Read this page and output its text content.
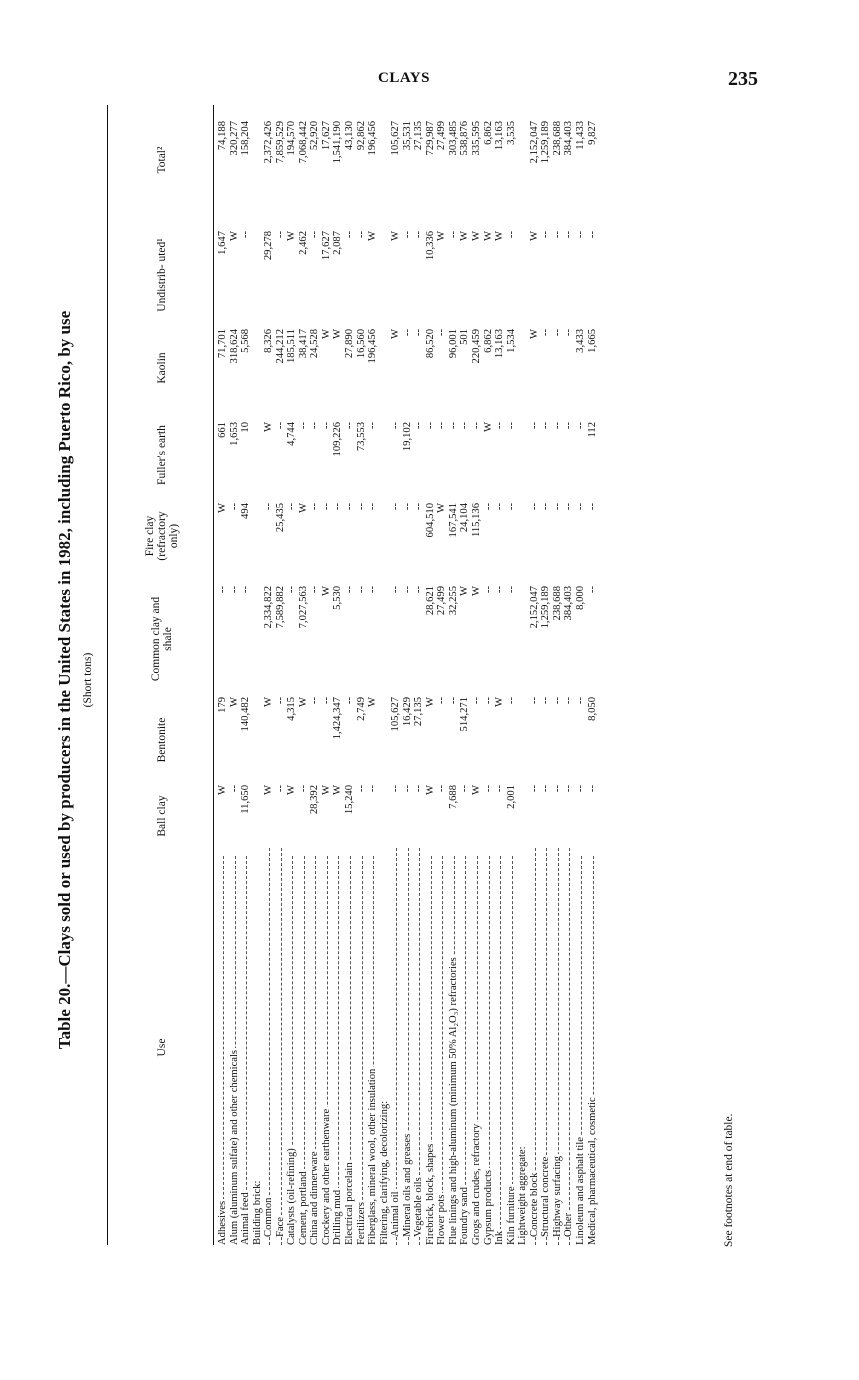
CLAYS	235
Table 20.—Clays sold or used by producers in the United States in 1982, including Puerto Rico, by use (Short tons)
Use
Ball clay
Bentonite
Common clay and shale
Fire clay (refractory only)
Fuller's earth
Kaolin
Undistrib- uted¹
Total²
Adhesives
W
179
--
W
661
71,701
1,647
74,188
Alum (aluminum sulfate) and other chemicals
--
W
--
--
1,653
318,624
W
320,277
Animal feed
11,650
140,482
--
494
10
5,568
--
158,204
Building brick: Common
W
W
2,334,822
--
W
8,326
29,278
2,372,426
Face
--
--
7,589,882
25,435
--
244,212
--
7,859,529
Catalysts (oil-refining)
W
4,315
--
--
4,744
185,511
W
194,570
Cement, portland
--
W
7,027,563
W
--
38,417
2,462
7,068,442
China and dinnerware
28,392
--
--
--
--
24,528
--
52,920
Crockery and other earthenware
W
--
W
--
--
W
17,627
17,627
Drilling mud
W
1,424,347
5,530
--
109,226
W
2,087
1,541,190
Electrical porcelain
15,240
--
--
--
--
27,890
--
43,130
Fertilizers
--
2,749
--
--
73,553
16,560
--
92,862
Fiberglass, mineral wool, other insulation
--
W
--
--
--
196,456
W
196,456
Filtering, clarifying, decolorizing: Animal oil
--
105,627
--
--
--
W
W
105,627
Mineral oils and greases
--
16,429
--
--
19,102
--
--
35,531
Vegetable oils
--
27,135
--
--
--
--
--
27,135
Firebrick, block, shapes
W
W
28,621
604,510
--
86,520
10,336
729,987
Flower pots
--
--
27,499
W
--
--
W
27,499
Flue linings and high-aluminum (minimum 50% Al₂O₃) refractories
7,688
--
32,255
167,541
--
96,001
--
303,485
Foundry sand
--
514,271
W
24,104
--
501
W
538,876
Grogs and crudes, refractory
W
--
W
115,136
--
220,459
W
335,595
Gypsum products
--
--
--
--
W
6,862
W
6,862
Ink
--
W
--
--
--
13,163
W
13,163
Kiln furniture
2,001
--
--
--
--
1,534
--
3,535
Lightweight aggregate: Concrete block
--
--
2,152,047
--
--
W
W
2,152,047
Structural concrete
--
--
1,259,189
--
--
--
--
1,259,189
Highway surfacing
--
--
238,688
--
--
--
--
238,688
Other
--
--
384,403
--
--
--
--
384,403
Linoleum and asphalt tile
--
--
8,000
--
--
3,433
--
11,433
Medical, pharmaceutical, cosmetic
--
8,050
--
--
112
1,665
--
9,827
See footnotes at end of table.
